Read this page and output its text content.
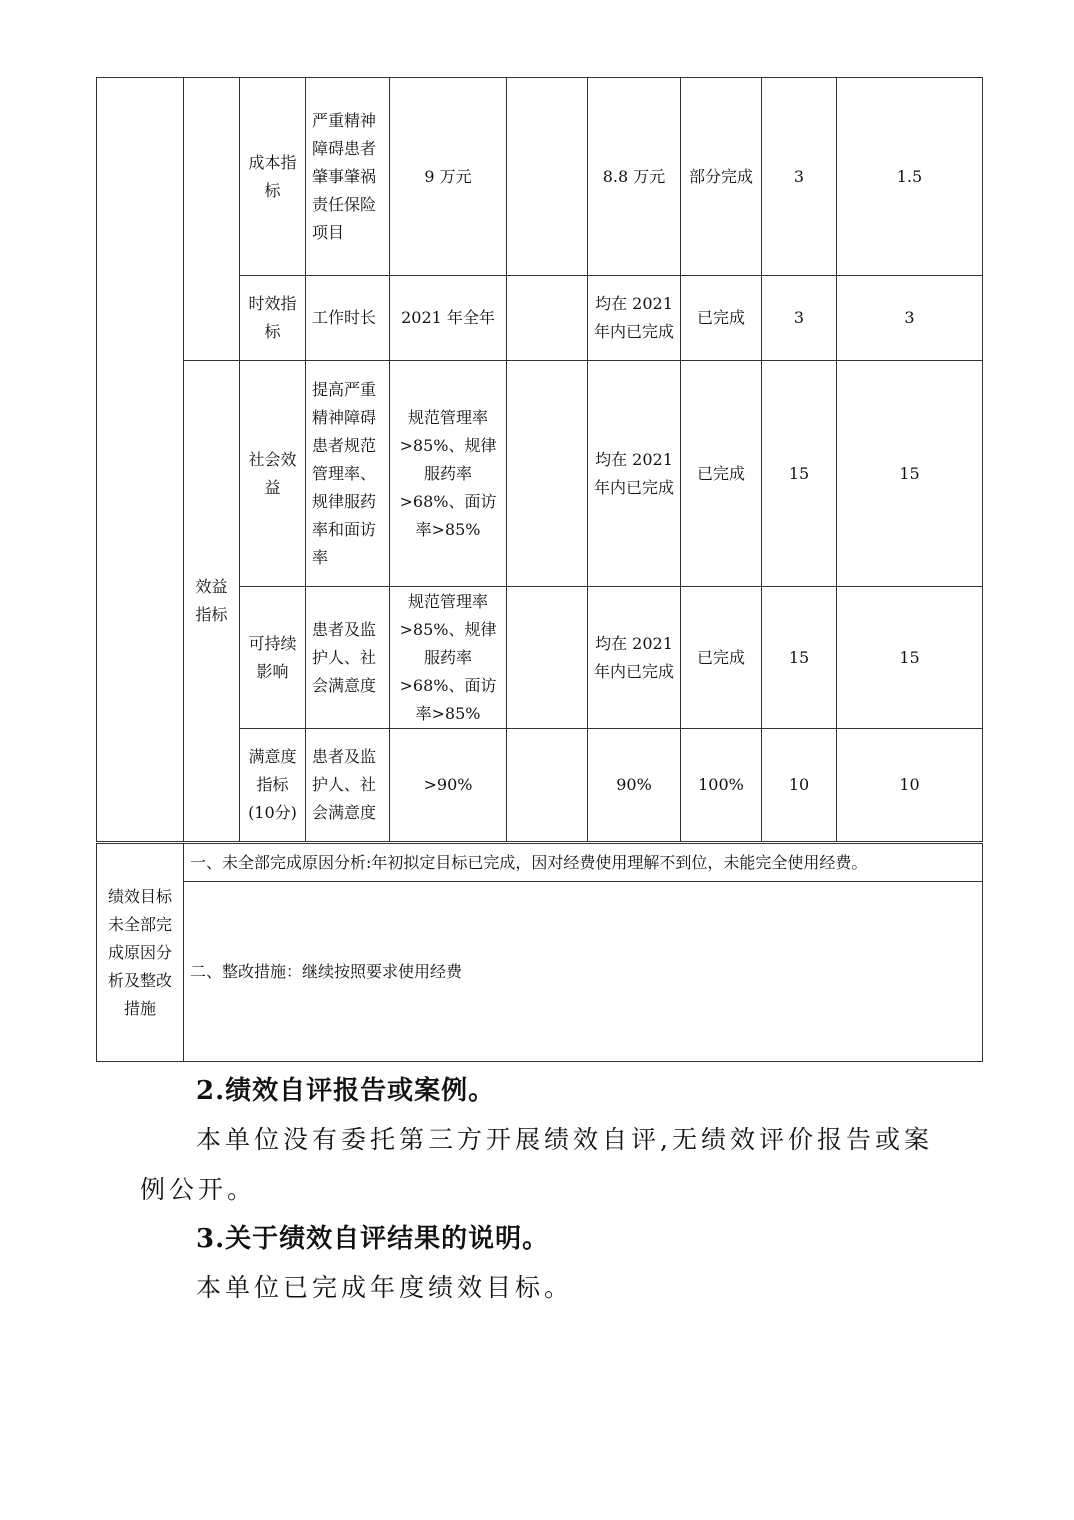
		成本指标	严重精神障碍患者肇事肇祸责任保险项目	9 万元		8.8 万元	部分完成	3	1.5
		时效指标	工作时长	2021 年全年		均在 2021 年内已完成	已完成	3	3
	效益指标	社会效益	提高严重精神障碍患者规范管理率、规律服药率和面访率	规范管理率>85%、规律服药率>68%、面访率>85%		均在 2021 年内已完成	已完成	15	15
		可持续影响	患者及监护人、社会满意度	规范管理率>85%、规律服药率>68%、面访率>85%		均在 2021 年内已完成	已完成	15	15
		满意度指标(10分)	患者及监护人、社会满意度	>90%		90%	100%	10	10
绩效目标未全部完成原因分析及整改措施	一、未全部完成原因分析:年初拟定目标已完成，因对经费使用理解不到位，未能完全使用经费。
二、整改措施：继续按照要求使用经费
2.绩效自评报告或案例。
本单位没有委托第三方开展绩效自评,无绩效评价报告或案
例公开。
3.关于绩效自评结果的说明。
本单位已完成年度绩效目标。
